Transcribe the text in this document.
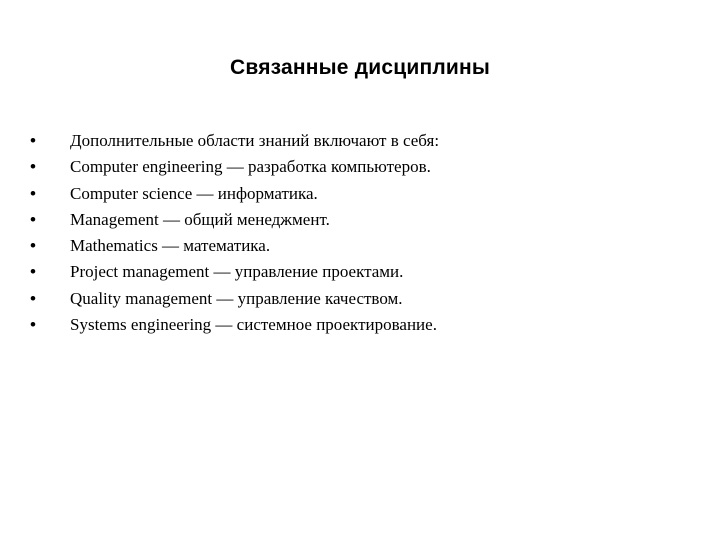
Связанные дисциплины
•	Дополнительные области знаний включают в себя:
•	Computer engineering — разработка компьютеров.
•	Computer science — информатика.
•	Management — общий менеджмент.
•	Mathematics — математика.
•	Project management — управление проектами.
•	Quality management — управление качеством.
•	Systems engineering — системное проектирование.
